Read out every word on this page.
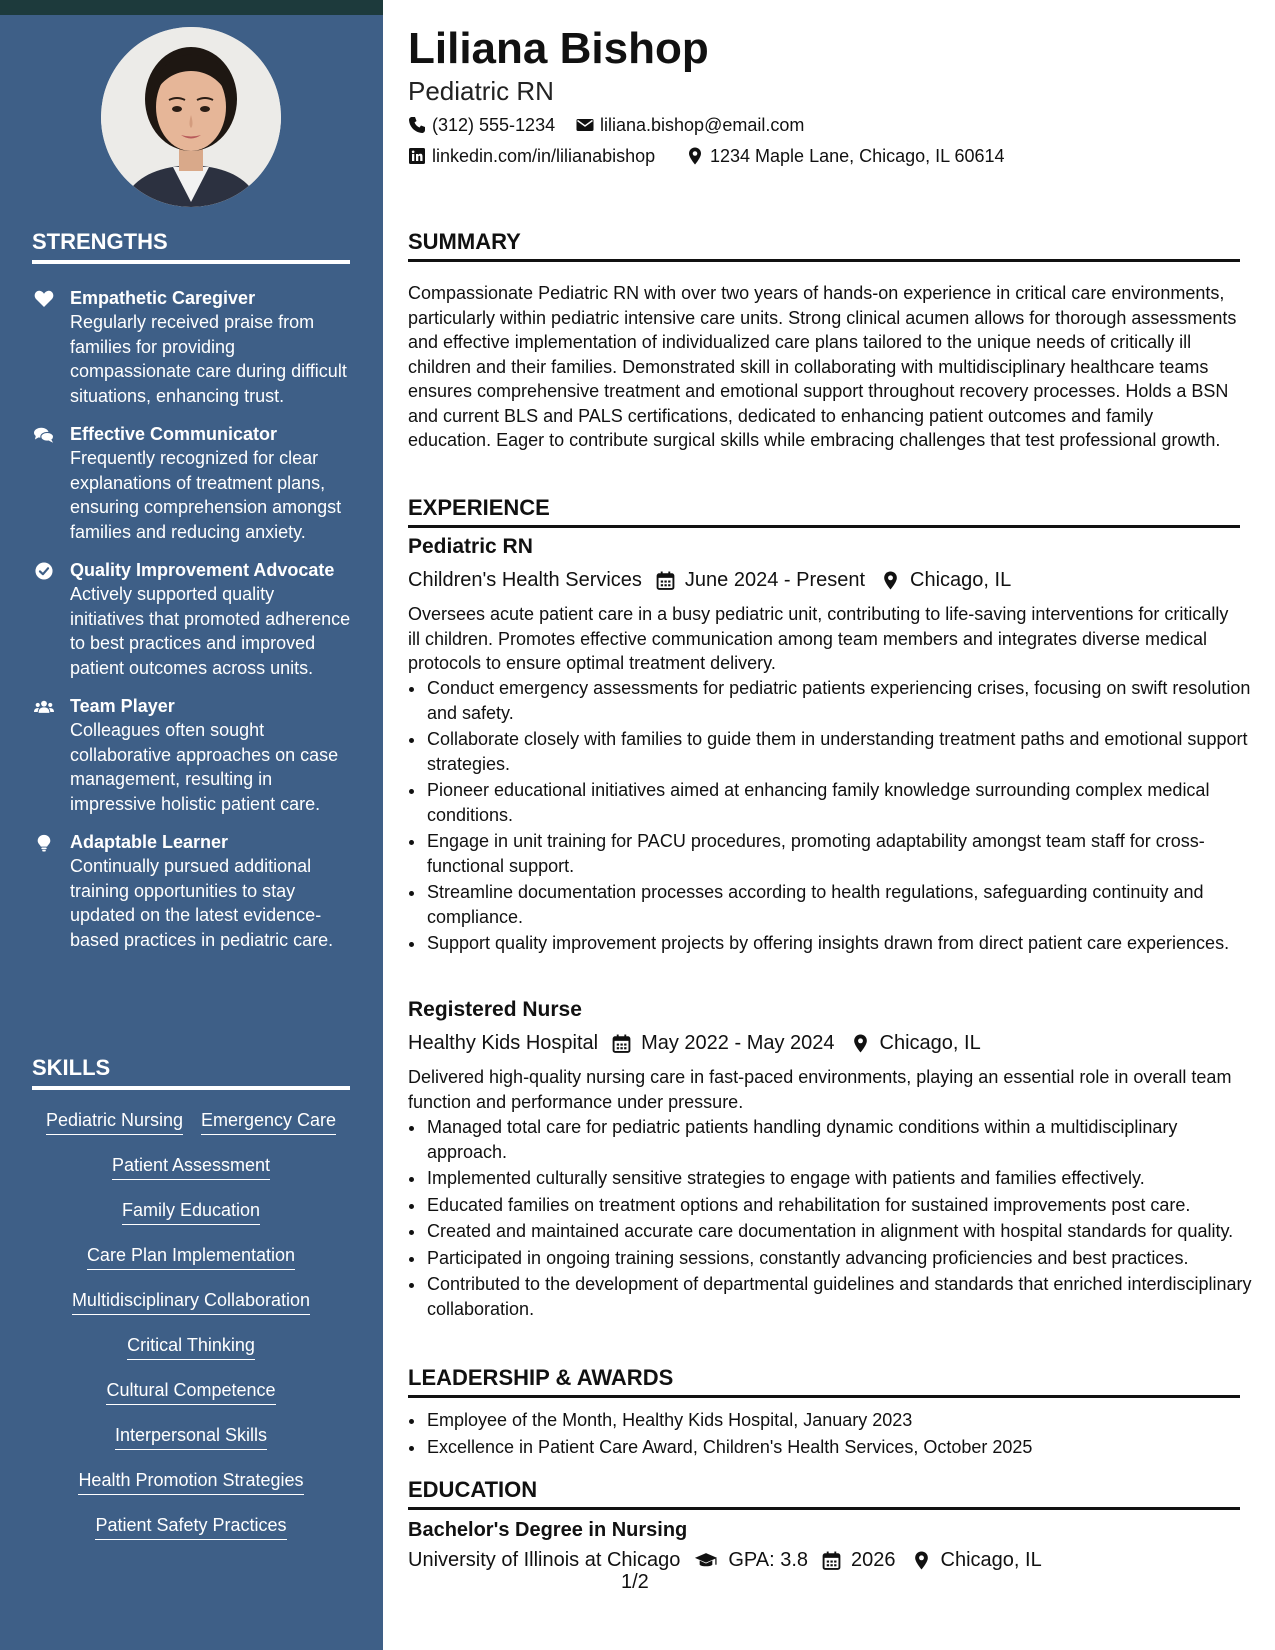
STRENGTHS
Empathetic Caregiver
Regularly received praise from families for providing compassionate care during difficult situations, enhancing trust.
Effective Communicator
Frequently recognized for clear explanations of treatment plans, ensuring comprehension amongst families and reducing anxiety.
Quality Improvement Advocate
Actively supported quality initiatives that promoted adherence to best practices and improved patient outcomes across units.
Team Player
Colleagues often sought collaborative approaches on case management, resulting in impressive holistic patient care.
Adaptable Learner
Continually pursued additional training opportunities to stay updated on the latest evidence-based practices in pediatric care.
SKILLS
Pediatric Nursing Emergency Care
Patient Assessment
Family Education
Care Plan Implementation
Multidisciplinary Collaboration
Critical Thinking
Cultural Competence
Interpersonal Skills
Health Promotion Strategies
Patient Safety Practices
Liliana Bishop
Pediatric RN
(312) 555-1234 liliana.bishop@email.com
linkedin.com/in/lilianabishop	1234 Maple Lane, Chicago, IL 60614
SUMMARY
Compassionate Pediatric RN with over two years of hands-on experience in critical care environments, particularly within pediatric intensive care units. Strong clinical acumen allows for thorough assessments and effective implementation of individualized care plans tailored to the unique needs of critically ill children and their families. Demonstrated skill in collaborating with multidisciplinary healthcare teams ensures comprehensive treatment and emotional support throughout recovery processes. Holds a BSN and current BLS and PALS certifications, dedicated to enhancing patient outcomes and family education. Eager to contribute surgical skills while embracing challenges that test professional growth.
EXPERIENCE
Pediatric RN
Children's Health Services June 2024 - Present Chicago, IL
Oversees acute patient care in a busy pediatric unit, contributing to life-saving interventions for critically ill children. Promotes effective communication among team members and integrates diverse medical protocols to ensure optimal treatment delivery.
• Conduct emergency assessments for pediatric patients experiencing crises, focusing on swift resolution and safety.
• Collaborate closely with families to guide them in understanding treatment paths and emotional support strategies.
• Pioneer educational initiatives aimed at enhancing family knowledge surrounding complex medical conditions.
• Engage in unit training for PACU procedures, promoting adaptability amongst team staff for cross-functional support.
• Streamline documentation processes according to health regulations, safeguarding continuity and compliance.
• Support quality improvement projects by offering insights drawn from direct patient care experiences.
Registered Nurse
Healthy Kids Hospital May 2022 - May 2024 Chicago, IL
Delivered high-quality nursing care in fast-paced environments, playing an essential role in overall team function and performance under pressure.
• Managed total care for pediatric patients handling dynamic conditions within a multidisciplinary approach.
• Implemented culturally sensitive strategies to engage with patients and families effectively.
• Educated families on treatment options and rehabilitation for sustained improvements post care.
• Created and maintained accurate care documentation in alignment with hospital standards for quality.
• Participated in ongoing training sessions, constantly advancing proficiencies and best practices.
• Contributed to the development of departmental guidelines and standards that enriched interdisciplinary collaboration.
LEADERSHIP & AWARDS
• Employee of the Month, Healthy Kids Hospital, January 2023
• Excellence in Patient Care Award, Children's Health Services, October 2025
EDUCATION
Bachelor's Degree in Nursing
University of Illinois at Chicago GPA: 3.8 2026 Chicago, IL
1/2
